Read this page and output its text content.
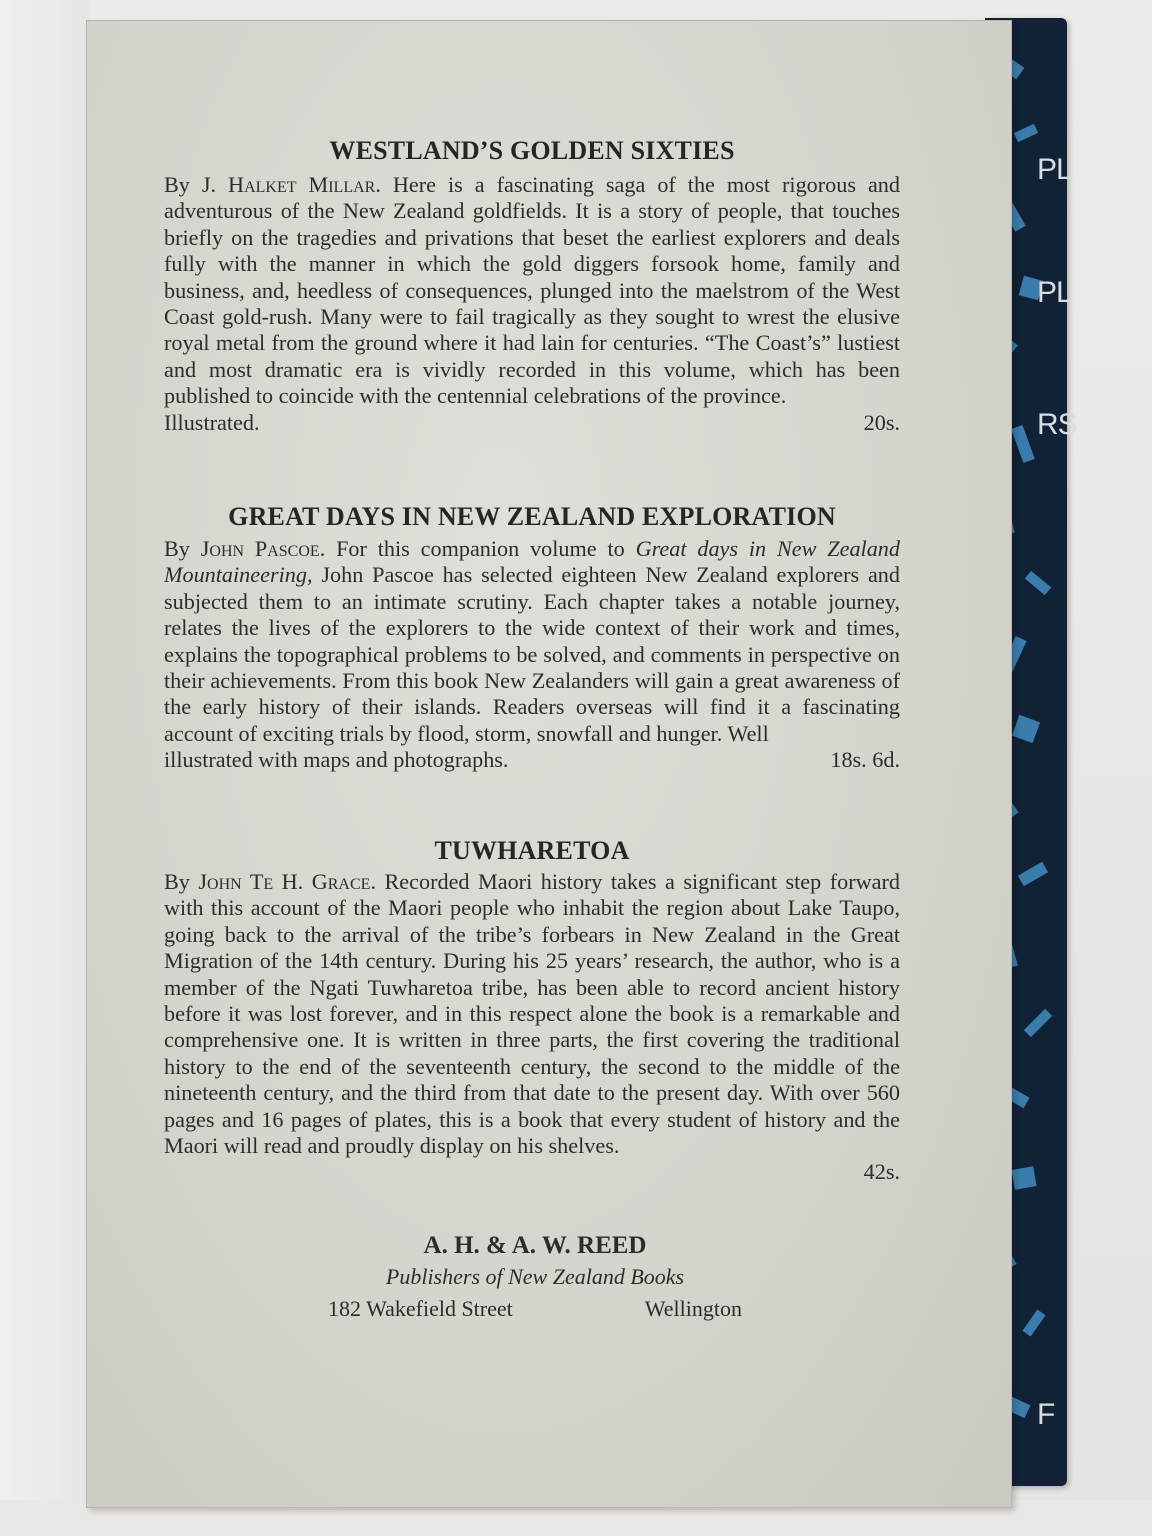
PL
PL
RS
F
WESTLAND’S GOLDEN SIXTIES
By J. Halket Millar. Here is a fascinating saga of the most rigorous and adventurous of the New Zealand goldfields. It is a story of people, that touches briefly on the tragedies and privations that beset the earliest explorers and deals fully with the manner in which the gold diggers forsook home, family and business, and, heedless of consequences, plunged into the maelstrom of the West Coast gold-rush. Many were to fail tragically as they sought to wrest the elusive royal metal from the ground where it had lain for centuries. “The Coast’s” lustiest and most dramatic era is vividly recorded in this volume, which has been published to coincide with the centennial celebrations of the province.
Illustrated.	20s.
GREAT DAYS IN NEW ZEALAND EXPLORATION
By John Pascoe. For this companion volume to Great days in New Zealand Mountaineering, John Pascoe has selected eighteen New Zealand explorers and subjected them to an intimate scrutiny. Each chapter takes a notable journey, relates the lives of the explorers to the wide context of their work and times, explains the topographical problems to be solved, and comments in perspective on their achievements. From this book New Zealanders will gain a great awareness of the early history of their islands. Readers overseas will find it a fascinating account of exciting trials by flood, storm, snowfall and hunger. Well
illustrated with maps and photographs.	18s. 6d.
TUWHARETOA
By John Te H. Grace. Recorded Maori history takes a significant step forward with this account of the Maori people who inhabit the region about Lake Taupo, going back to the arrival of the tribe’s forbears in New Zealand in the Great Migration of the 14th century. During his 25 years’ research, the author, who is a member of the Ngati Tuwharetoa tribe, has been able to record ancient history before it was lost forever, and in this respect alone the book is a remarkable and comprehensive one. It is written in three parts, the first covering the traditional history to the end of the seventeenth century, the second to the middle of the nineteenth century, and the third from that date to the present day. With over 560 pages and 16 pages of plates, this is a book that every student of history and the Maori will read and proudly display on his shelves.
42s.
A. H. & A. W. REED
Publishers of New Zealand Books
182 Wakefield Street	Wellington
